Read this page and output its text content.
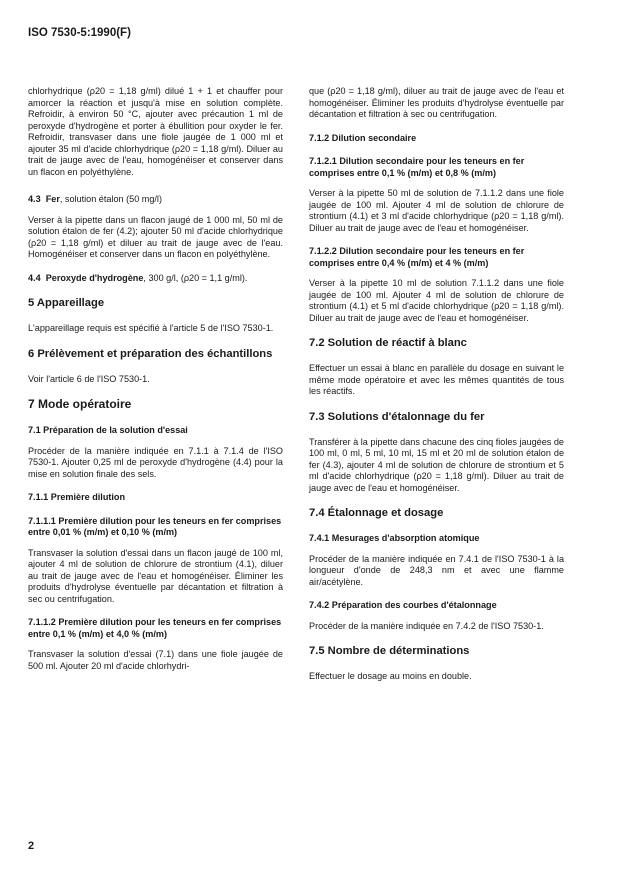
ISO 7530-5:1990(F)

chlorhydrique (ρ20 = 1,18 g/ml) dilué 1 + 1 et chauffer pour amorcer la réaction et jusqu'à mise en solution complète. Refroidir, à environ 50 °C, ajouter avec précaution 1 ml de peroxyde d'hydrogène et porter à ébullition pour oxyder le fer. Refroidir, transvaser dans une fiole jaugée de 1 000 ml et ajouter 35 ml d'acide chlorhydrique (ρ20 = 1,18 g/ml). Diluer au trait de jauge avec de l'eau, homogénéiser et conserver dans un flacon en polyéthylène.

4.3 Fer, solution étalon (50 mg/l)

Verser à la pipette dans un flacon jaugé de 1 000 ml, 50 ml de solution étalon de fer (4.2); ajouter 50 ml d'acide chlorhydrique (ρ20 = 1,18 g/ml) et diluer au trait de jauge avec de l'eau. Homogénéiser et conserver dans un flacon en polyéthylène.

4.4 Peroxyde d'hydrogène, 300 g/l, (ρ20 = 1,1 g/ml).
5 Appareillage

L'appareillage requis est spécifié à l'article 5 de l'ISO 7530-1.

6 Prélèvement et préparation des échantillons

Voir l'article 6 de l'ISO 7530-1.

7 Mode opératoire
7.1 Préparation de la solution d'essai

Procéder de la manière indiquée en 7.1.1 à 7.1.4 de l'ISO 7530-1. Ajouter 0,25 ml de peroxyde d'hydrogène (4.4) pour la mise en solution finale des sels.

7.1.1 Première dilution
7.1.1.1 Première dilution pour les teneurs en fer comprises entre 0,01 % (m/m) et 0,10 % (m/m)

Transvaser la solution d'essai dans un flacon jaugé de 100 ml, ajouter 4 ml de solution de chlorure de strontium (4.1), diluer au trait de jauge avec de l'eau et homogénéiser. Éliminer les produits d'hydrolyse éventuelle par décantation et filtration à sec ou centrifugation.

7.1.1.2 Première dilution pour les teneurs en fer comprises entre 0,1 % (m/m) et 4,0 % (m/m)

Transvaser la solution d'essai (7.1) dans une fiole jaugée de 500 ml. Ajouter 20 ml d'acide chlorhydri-

que (ρ20 = 1,18 g/ml), diluer au trait de jauge avec de l'eau et homogénéiser. Éliminer les produits d'hydrolyse éventuelle par décantation et filtration à sec ou centrifugation.

7.1.2 Dilution secondaire
7.1.2.1 Dilution secondaire pour les teneurs en fer comprises entre 0,1 % (m/m) et 0,8 % (m/m)

Verser à la pipette 50 ml de solution de 7.1.1.2 dans une fiole jaugée de 100 ml. Ajouter 4 ml de solution de chlorure de strontium (4.1) et 3 ml d'acide chlorhydrique (ρ20 = 1,18 g/ml). Diluer au trait de jauge avec de l'eau et homogénéiser.

7.1.2.2 Dilution secondaire pour les teneurs en fer comprises entre 0,4 % (m/m) et 4 % (m/m)

Verser à la pipette 10 ml de solution 7.1.1.2 dans une fiole jaugée de 100 ml. Ajouter 4 ml de solution de chlorure de strontium (4.1) et 5 ml d'acide chlorhydrique (ρ20 = 1,18 g/ml). Diluer au trait de jauge avec de l'eau et homogénéiser.

7.2 Solution de réactif à blanc

Effectuer un essai à blanc en parallèle du dosage en suivant le même mode opératoire et avec les mêmes quantités de tous les réactifs.

7.3 Solutions d'étalonnage du fer

Transférer à la pipette dans chacune des cinq fioles jaugées de 100 ml, 0 ml, 5 ml, 10 ml, 15 ml et 20 ml de solution étalon de fer (4.3), ajouter 4 ml de solution de chlorure de strontium et 5 ml d'acide chlorhydrique (ρ20 = 1,18 g/ml). Diluer au trait de jauge avec de l'eau et homogénéiser.

7.4 Étalonnage et dosage
7.4.1 Mesurages d'absorption atomique

Procéder de la manière indiquée en 7.4.1 de l'ISO 7530-1 à la longueur d'onde de 248,3 nm et avec une flamme air/acétylène.

7.4.2 Préparation des courbes d'étalonnage

Procéder de la manière indiquée en 7.4.2 de l'ISO 7530-1.

7.5 Nombre de déterminations

Effectuer le dosage au moins en double.

2
